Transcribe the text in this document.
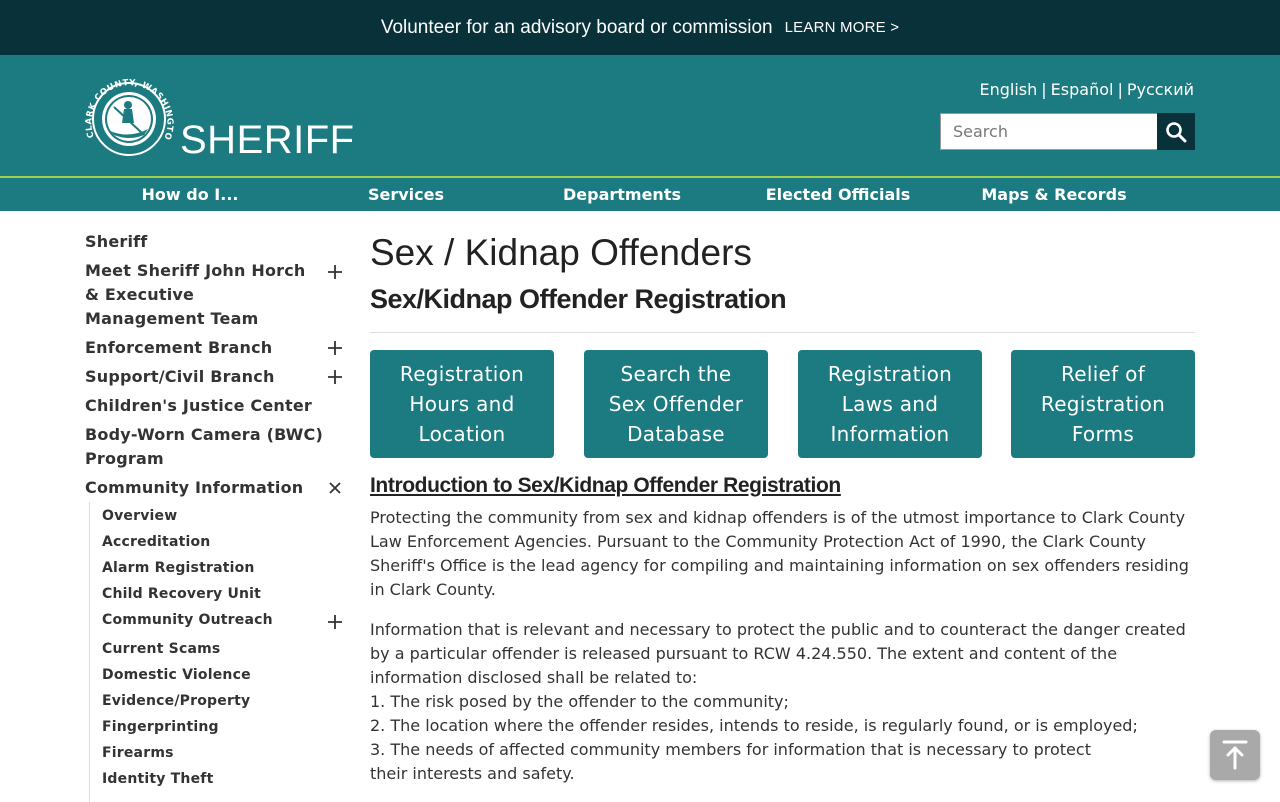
Volunteer for an advisory board or commission LEARN MORE >
CLARK COUNTY, WASHINGTO SHERIFF
English | Español | Русский
Search
How do I...	Services	Departments	Elected Officials	Maps & Records
Sheriff
Meet Sheriff John Horch & Executive Management Team
Enforcement Branch
Support/Civil Branch
Children's Justice Center
Body-Worn Camera (BWC) Program
Community Information
Overview
Accreditation
Alarm Registration
Child Recovery Unit
Community Outreach
Current Scams
Domestic Violence
Evidence/Property
Fingerprinting
Firearms
Identity Theft
Sex / Kidnap Offenders
Sex/Kidnap Offender Registration
Registration Hours and Location
Search the Sex Offender Database
Registration Laws and Information
Relief of Registration Forms
Introduction to Sex/Kidnap Offender Registration

Protecting the community from sex and kidnap offenders is of the utmost importance to Clark County Law Enforcement Agencies. Pursuant to the Community Protection Act of 1990, the Clark County Sheriff's Office is the lead agency for compiling and maintaining information on sex offenders residing in Clark County.

Information that is relevant and necessary to protect the public and to counteract the danger created by a particular offender is released pursuant to RCW 4.24.550. The extent and content of the information disclosed shall be related to:
1. The risk posed by the offender to the community;
2. The location where the offender resides, intends to reside, is regularly found, or is employed;
3. The needs of affected community members for information that is necessary to protect their interests and safety.
